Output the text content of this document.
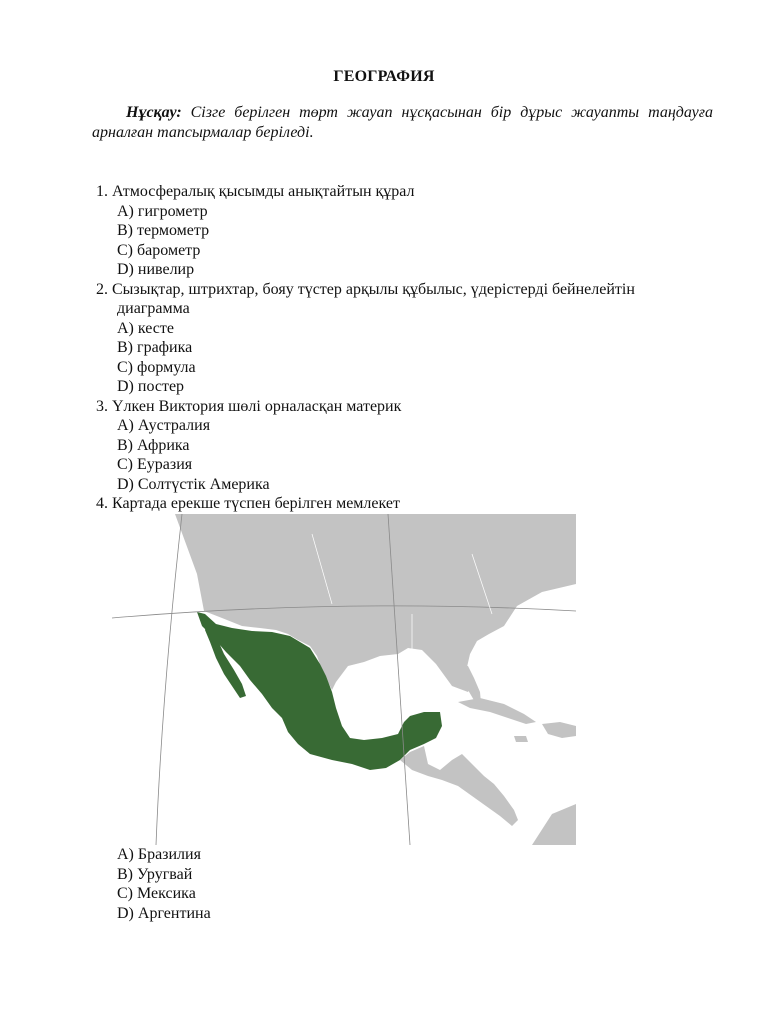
ГЕОГРАФИЯ
Нұсқау: Сізге берілген төрт жауап нұсқасынан бір дұрыс жауапты таңдауға арналған тапсырмалар беріледі.
1. Атмосфералық қысымды анықтайтын құрал
A) гигрометр
B) термометр
C) барометр
D) нивелир
2. Сызықтар, штрихтар, бояу түстер арқылы құбылыс, үдерістерді бейнелейтін
диаграмма
A) кесте
B) графика
C) формула
D) постер
3. Үлкен Виктория шөлі орналасқан материк
A) Аустралия
B) Африка
C) Еуразия
D) Солтүстік Америка
4. Картада ерекше түспен берілген мемлекет
A) Бразилия
B) Уругвай
C) Мексика
D) Аргентина
